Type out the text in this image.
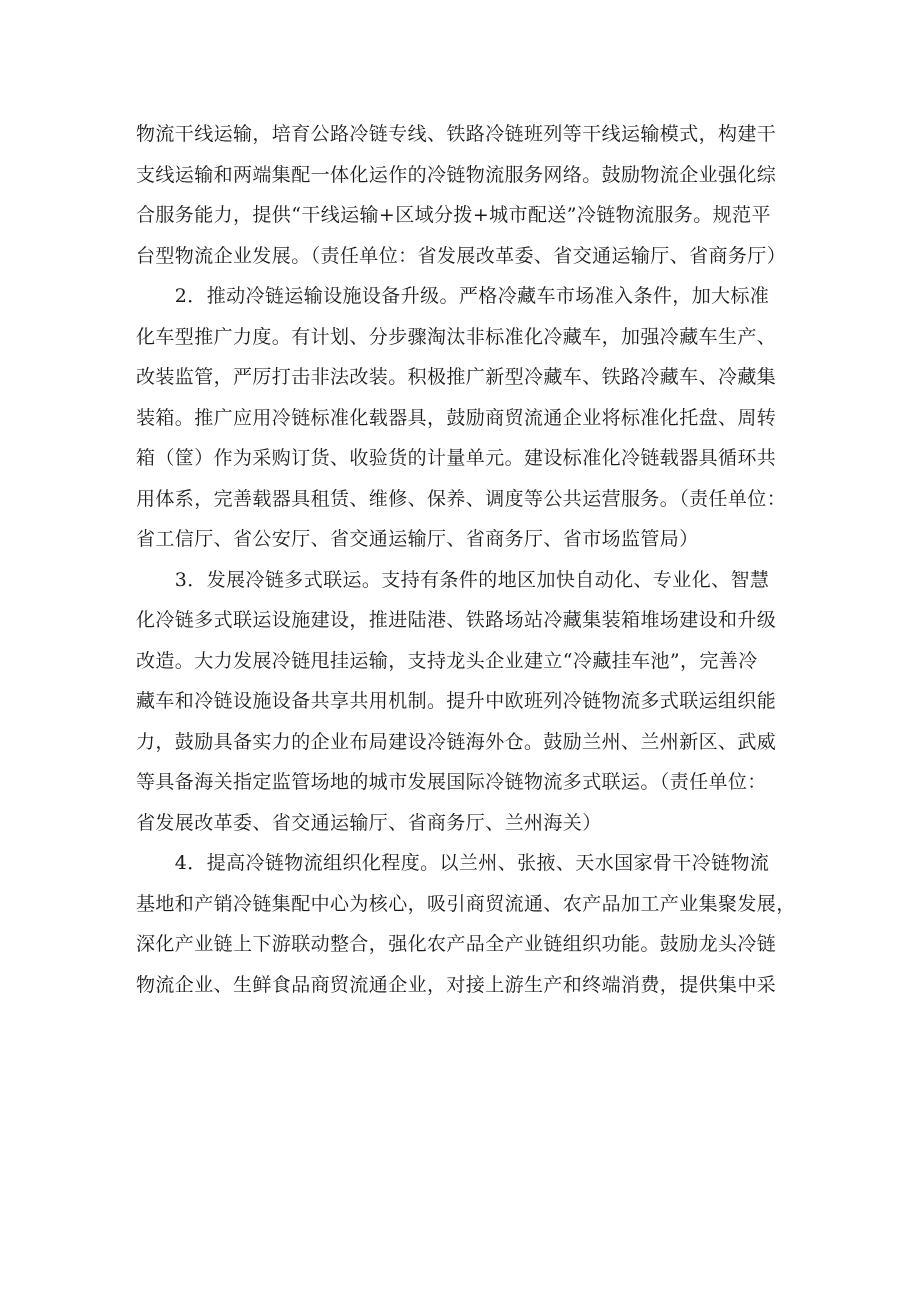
物流干线运输，培育公路冷链专线、铁路冷链班列等干线运输模式，构建干
支线运输和两端集配一体化运作的冷链物流服务网络。鼓励物流企业强化综
合服务能力，提供“干线运输+区域分拨+城市配送”冷链物流服务。规范平
台型物流企业发展。（责任单位：省发展改革委、省交通运输厅、省商务厅）
　　2．推动冷链运输设施设备升级。严格冷藏车市场准入条件，加大标准
化车型推广力度。有计划、分步骤淘汰非标准化冷藏车，加强冷藏车生产、
改装监管，严厉打击非法改装。积极推广新型冷藏车、铁路冷藏车、冷藏集
装箱。推广应用冷链标准化载器具，鼓励商贸流通企业将标准化托盘、周转
箱（筐）作为采购订货、收验货的计量单元。建设标准化冷链载器具循环共
用体系，完善载器具租赁、维修、保养、调度等公共运营服务。（责任单位：
省工信厅、省公安厅、省交通运输厅、省商务厅、省市场监管局）
　　3．发展冷链多式联运。支持有条件的地区加快自动化、专业化、智慧
化冷链多式联运设施建设，推进陆港、铁路场站冷藏集装箱堆场建设和升级
改造。大力发展冷链甩挂运输，支持龙头企业建立“冷藏挂车池”，完善冷
藏车和冷链设施设备共享共用机制。提升中欧班列冷链物流多式联运组织能
力，鼓励具备实力的企业布局建设冷链海外仓。鼓励兰州、兰州新区、武威
等具备海关指定监管场地的城市发展国际冷链物流多式联运。（责任单位：
省发展改革委、省交通运输厅、省商务厅、兰州海关）
　　4．提高冷链物流组织化程度。以兰州、张掖、天水国家骨干冷链物流
基地和产销冷链集配中心为核心，吸引商贸流通、农产品加工产业集聚发展，
深化产业链上下游联动整合，强化农产品全产业链组织功能。鼓励龙头冷链
物流企业、生鲜食品商贸流通企业，对接上游生产和终端消费，提供集中采
